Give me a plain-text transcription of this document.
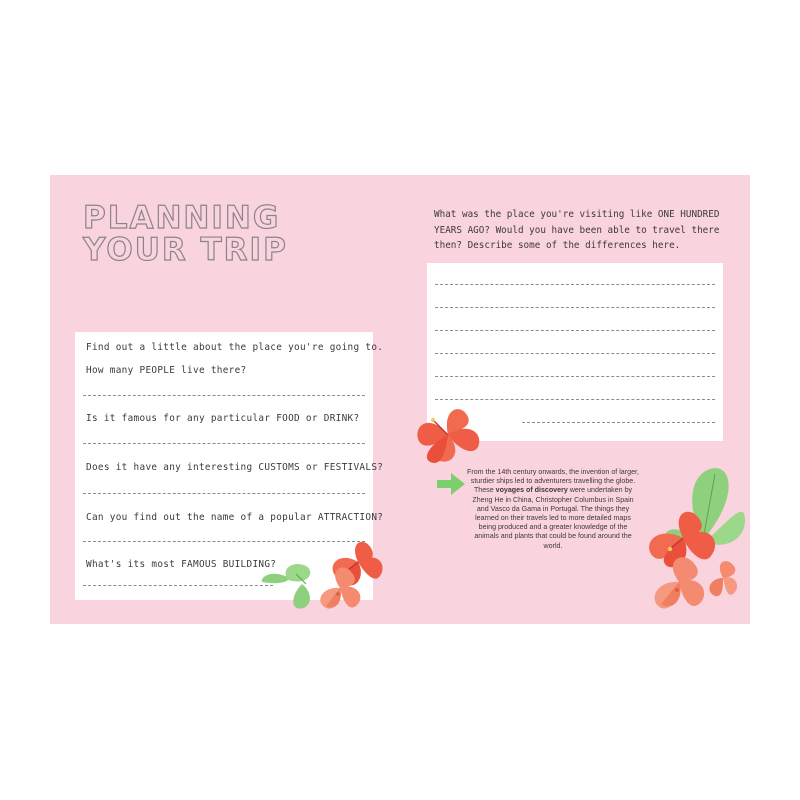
PLANNING
YOUR TRIP
Find out a little about the place you're going to.
How many PEOPLE live there?
Is it famous for any particular FOOD or DRINK?
Does it have any interesting CUSTOMS or FESTIVALS?
Can you find out the name of a popular ATTRACTION?
What's its most FAMOUS BUILDING?

What was the place you're visiting like ONE HUNDRED
YEARS AGO? Would you have been able to travel there
then? Describe some of the differences here.

From the 14th century onwards, the invention of larger, sturdier ships led to adventurers travelling the globe. These voyages of discovery were undertaken by Zheng He in China, Christopher Columbus in Spain and Vasco da Gama in Portugal. The things they learned on their travels led to more detailed maps being produced and a greater knowledge of the animals and plants that could be found around the world.
